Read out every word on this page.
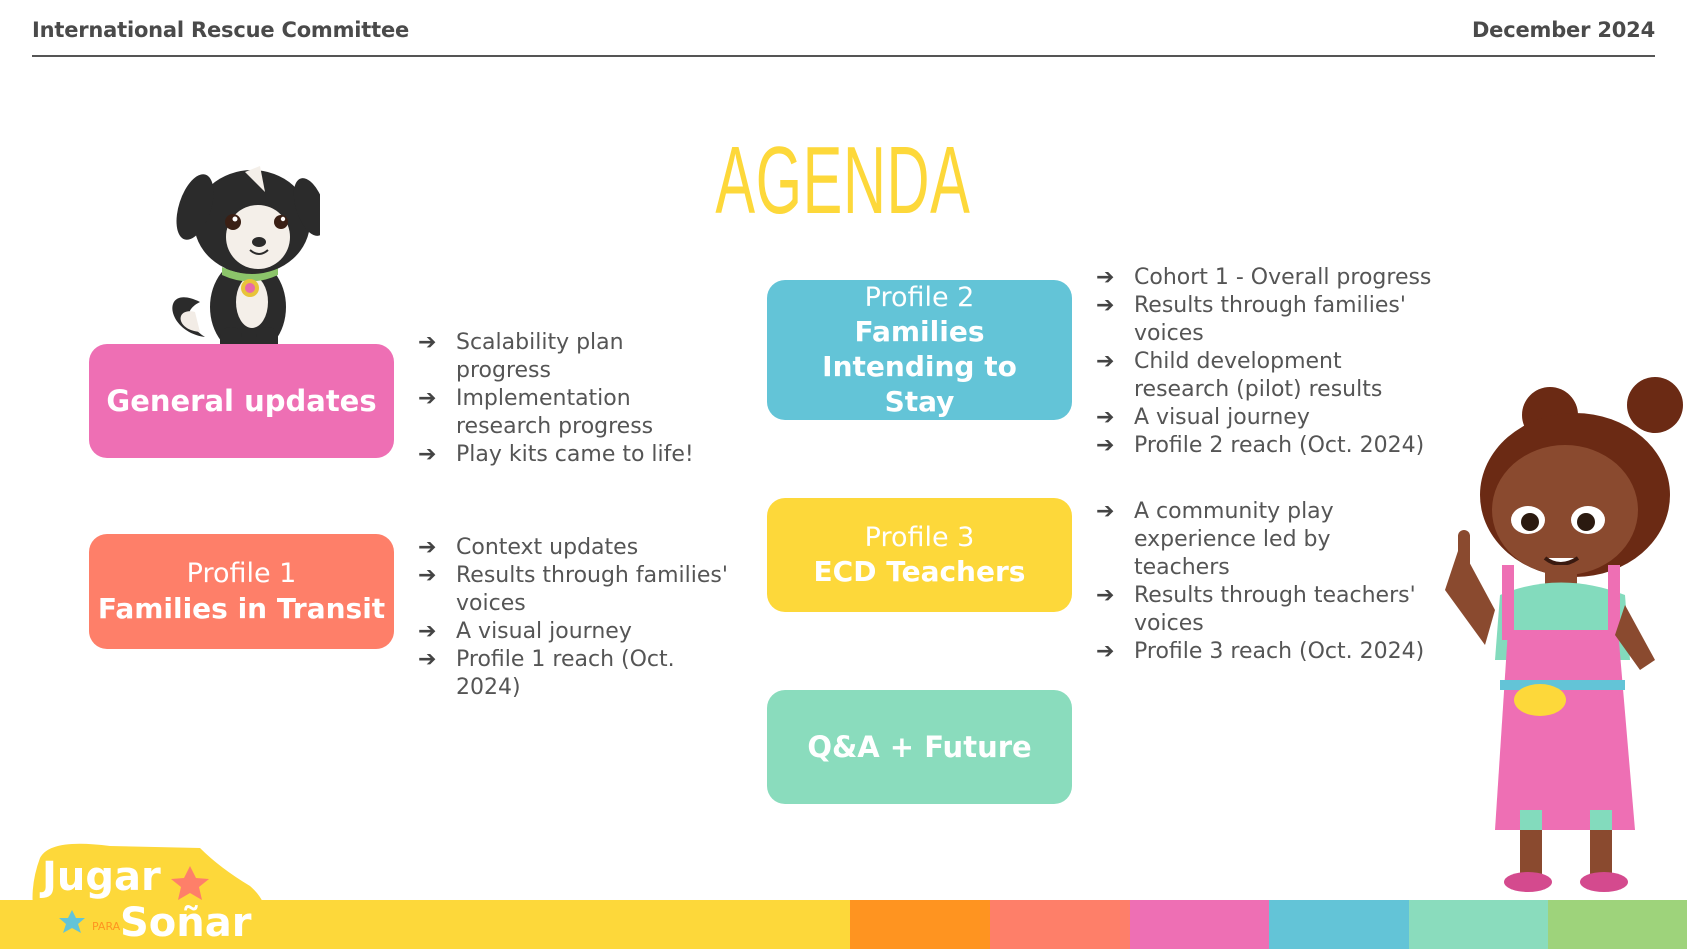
International Rescue Committee	December 2024
AGENDA
General updates
➔ Scalability plan progress
➔ Implementation research progress
➔ Play kits came to life!
Profile 1
Families in Transit
➔ Context updates
➔ Results through families' voices
➔ A visual journey
➔ Profile 1 reach (Oct. 2024)
Profile 2
Families Intending to Stay
➔ Cohort 1 - Overall progress
➔ Results through families' voices
➔ Child development research (pilot) results
➔ A visual journey
➔ Profile 2 reach (Oct. 2024)
Profile 3
ECD Teachers
➔ A community play experience led by teachers
➔ Results through teachers' voices
➔ Profile 3 reach (Oct. 2024)
Q&A + Future
Jugar
PARA Soñar
